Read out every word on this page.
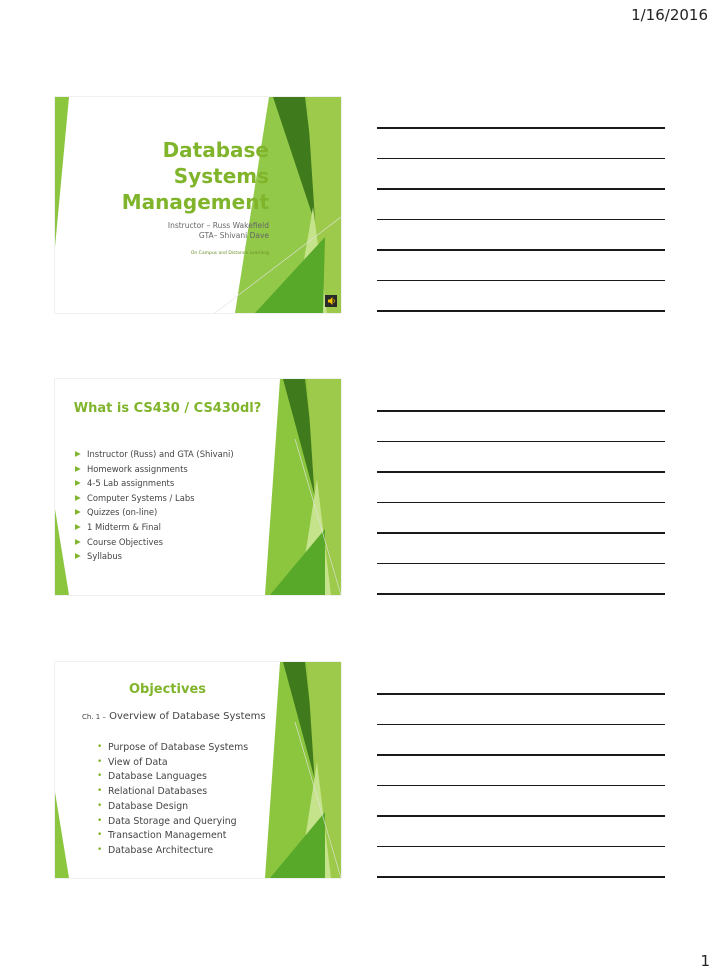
1/16/2016
Database
Systems
Management
Instructor – Russ Wakefield
GTA– Shivani Dave
On Campus and Distance Learning
What is CS430 / CS430dl?
▶ Instructor (Russ) and GTA (Shivani)
▶ Homework assignments
▶ 4-5 Lab assignments
▶ Computer Systems / Labs
▶ Quizzes (on-line)
▶ 1 Midterm & Final
▶ Course Objectives
▶ Syllabus
Objectives
Ch. 1 – Overview of Database Systems
• Purpose of Database Systems
• View of Data
• Database Languages
• Relational Databases
• Database Design
• Data Storage and Querying
• Transaction Management
• Database Architecture
1
